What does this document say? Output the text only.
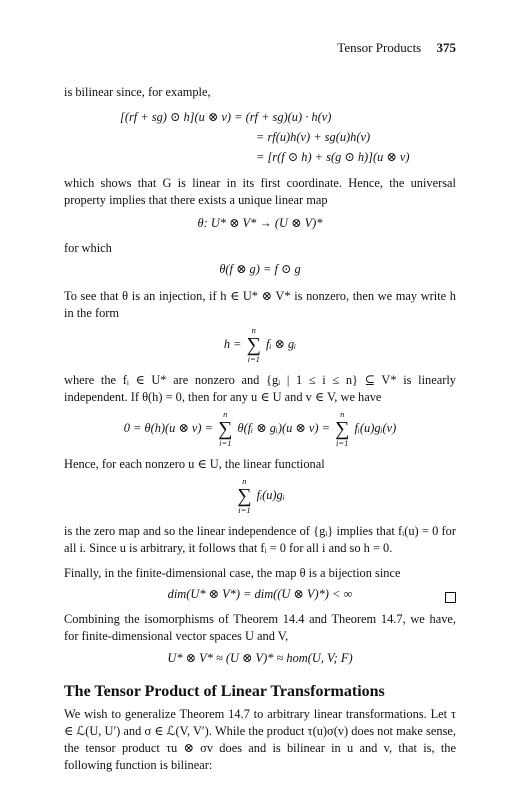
Tensor Products 375

is bilinear since, for example,

[(rf + sg) ⊙ h](u ⊗ v) = (rf + sg)(u) · h(v)
= rf(u)h(v) + sg(u)h(v)
= [r(f ⊙ h) + s(g ⊙ h)](u ⊗ v)

which shows that G is linear in its first coordinate. Hence, the universal property implies that there exists a unique linear map

θ: U* ⊗ V* → (U ⊗ V)*

for which

θ(f ⊗ g) = f ⊙ g

To see that θ is an injection, if h ∈ U* ⊗ V* is nonzero, then we may write h in the form

h =
n
∑
i=1
fᵢ ⊗ gᵢ

where the fᵢ ∈ U* are nonzero and {gᵢ | 1 ≤ i ≤ n} ⊆ V* is linearly independent. If θ(h) = 0, then for any u ∈ U and v ∈ V, we have

0 = θ(h)(u ⊗ v) =
n
∑
i=1
θ(fᵢ ⊗ gᵢ)(u ⊗ v) =
n
∑
i=1
fᵢ(u)gᵢ(v)

Hence, for each nonzero u ∈ U, the linear functional

n
∑
i=1
fᵢ(u)gᵢ

is the zero map and so the linear independence of {gᵢ} implies that fᵢ(u) = 0 for all i. Since u is arbitrary, it follows that fᵢ = 0 for all i and so h = 0.

Finally, in the finite-dimensional case, the map θ is a bijection since

dim(U* ⊗ V*) = dim((U ⊗ V)*) < ∞

Combining the isomorphisms of Theorem 14.4 and Theorem 14.7, we have, for finite-dimensional vector spaces U and V,

U* ⊗ V* ≈ (U ⊗ V)* ≈ hom(U, V; F)
The Tensor Product of Linear Transformations

We wish to generalize Theorem 14.7 to arbitrary linear transformations. Let τ ∈ ℒ(U, U′) and σ ∈ ℒ(V, V′). While the product τ(u)σ(v) does not make sense, the tensor product τu ⊗ σv does and is bilinear in u and v, that is, the following function is bilinear:
